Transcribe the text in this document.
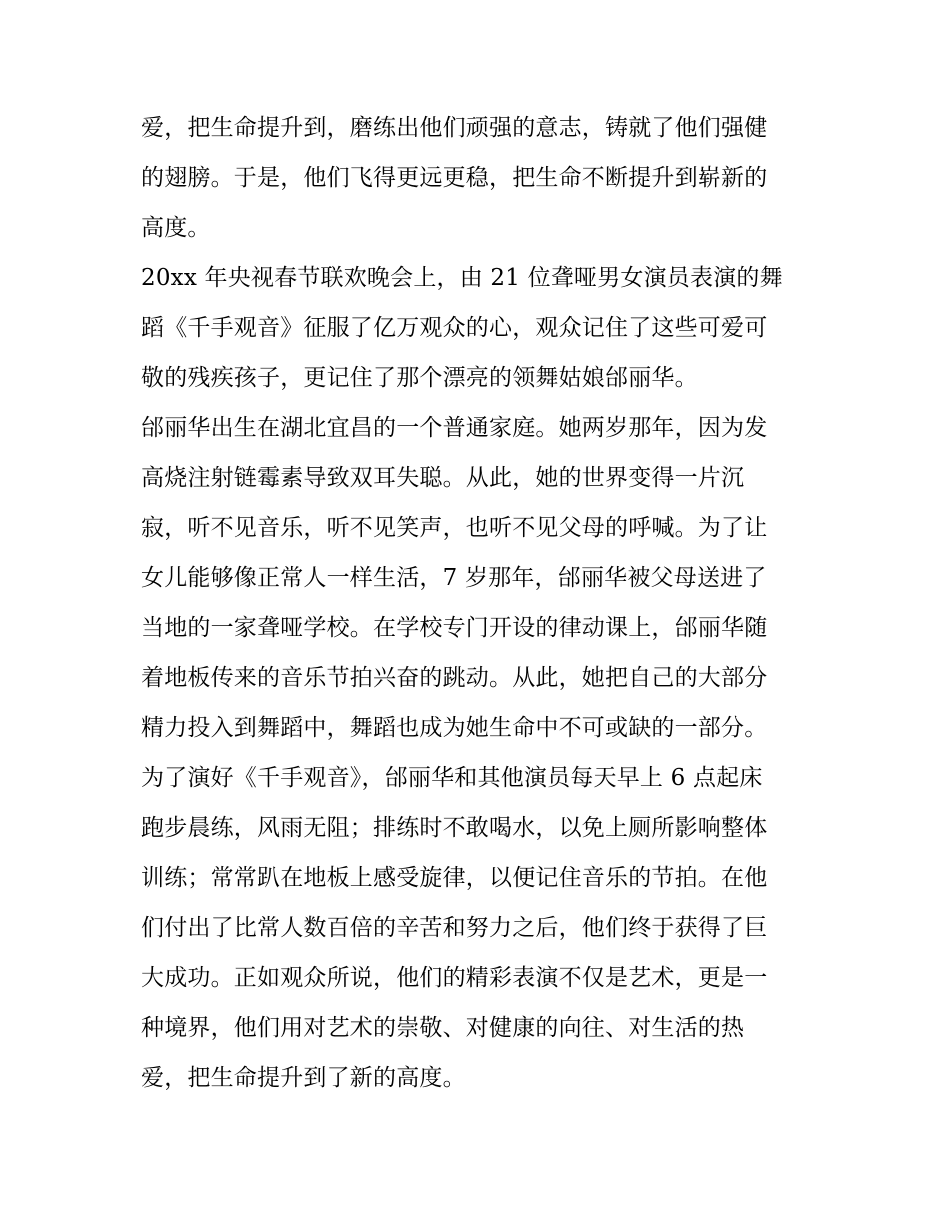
爱，把生命提升到，磨练出他们顽强的意志，铸就了他们强健
的翅膀。于是，他们飞得更远更稳，把生命不断提升到崭新的
高度。
20xx 年央视春节联欢晚会上，由 21 位聋哑男女演员表演的舞
蹈《千手观音》征服了亿万观众的心，观众记住了这些可爱可
敬的残疾孩子，更记住了那个漂亮的领舞姑娘邰丽华。
邰丽华出生在湖北宜昌的一个普通家庭。她两岁那年，因为发
高烧注射链霉素导致双耳失聪。从此，她的世界变得一片沉
寂，听不见音乐，听不见笑声，也听不见父母的呼喊。为了让
女儿能够像正常人一样生活，7 岁那年，邰丽华被父母送进了
当地的一家聋哑学校。在学校专门开设的律动课上，邰丽华随
着地板传来的音乐节拍兴奋的跳动。从此，她把自己的大部分
精力投入到舞蹈中，舞蹈也成为她生命中不可或缺的一部分。
为了演好《千手观音》，邰丽华和其他演员每天早上 6 点起床
跑步晨练，风雨无阻；排练时不敢喝水，以免上厕所影响整体
训练；常常趴在地板上感受旋律，以便记住音乐的节拍。在他
们付出了比常人数百倍的辛苦和努力之后，他们终于获得了巨
大成功。正如观众所说，他们的精彩表演不仅是艺术，更是一
种境界，他们用对艺术的崇敬、对健康的向往、对生活的热
爱，把生命提升到了新的高度。
